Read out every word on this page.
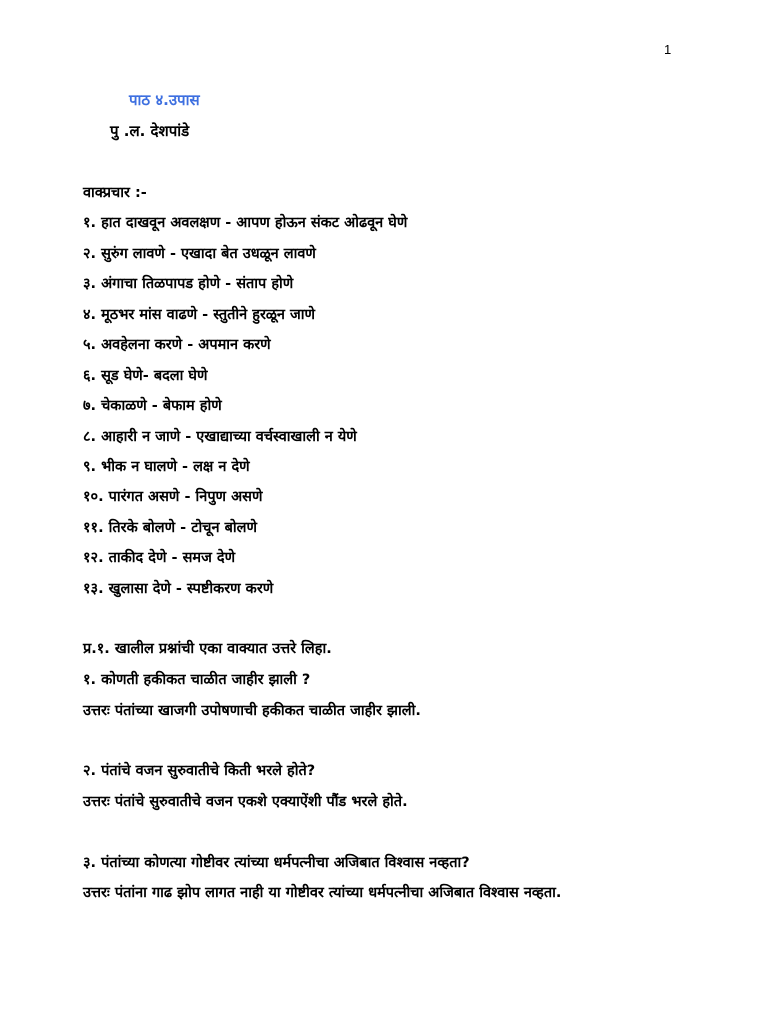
1
पाठ ४.उपास
पु .ल. देशपांडे
वाक्प्रचार :-
१. हात दाखवून अवलक्षण - आपण होऊन संकट ओढवून घेणे
२. सुरुंग लावणे - एखादा बेत उधळून लावणे
३. अंगाचा तिळपापड होणे - संताप होणे
४. मूठभर मांस वाढणे - स्तुतीने हुरळून जाणे
५. अवहेलना करणे - अपमान करणे
६. सूड घेणे- बदला घेणे
७. चेकाळणे - बेफाम होणे
८. आहारी न जाणे - एखाद्याच्या वर्चस्वाखाली न येणे
९. भीक न घालणे - लक्ष न देणे
१०. पारंगत असणे - निपुण असणे
११. तिरके बोलणे - टोचून बोलणे
१२. ताकीद देणे - समज देणे
१३. खुलासा देणे - स्पष्टीकरण करणे
प्र.१. खालील प्रश्नांची एका वाक्यात उत्तरे लिहा.
१. कोणती हकीकत चाळीत जाहीर झाली ?
उत्तरः पंतांच्या खाजगी उपोषणाची हकीकत चाळीत जाहीर झाली.
२. पंतांचे वजन सुरुवातीचे किती भरले होते?
उत्तरः पंतांचे सुरुवातीचे वजन एकशे एक्याऐंशी पौंड भरले होते.
३. पंतांच्या कोणत्या गोष्टीवर त्यांच्या धर्मपत्नीचा अजिबात विश्वास नव्हता?
उत्तरः पंतांना गाढ झोप लागत नाही या गोष्टीवर त्यांच्या धर्मपत्नीचा अजिबात विश्वास नव्हता.
